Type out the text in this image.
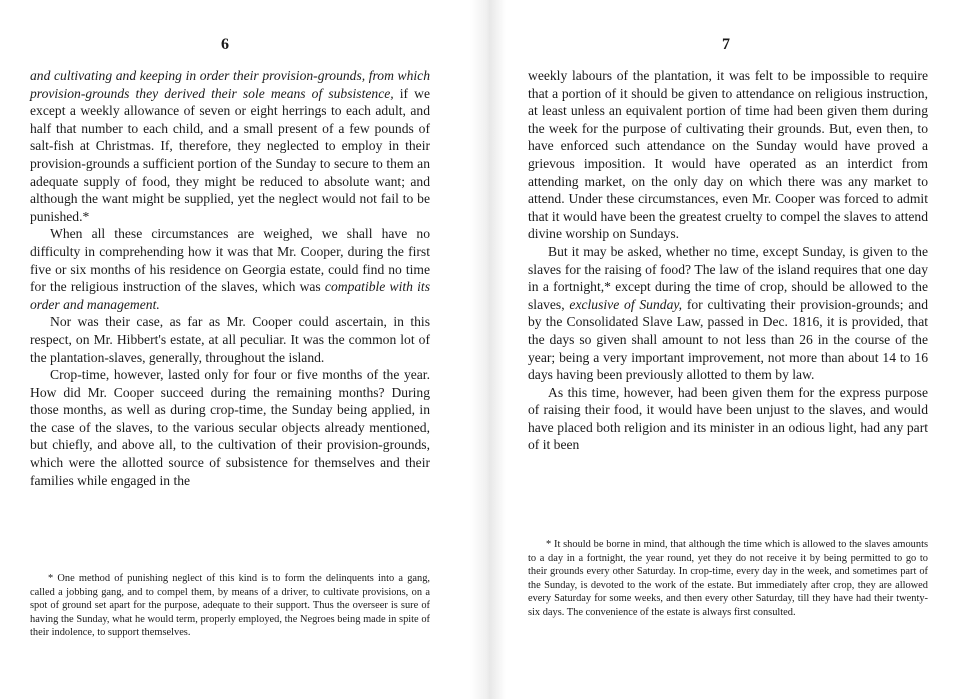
6

and cultivating and keeping in order their provision-grounds, from which provision-grounds they derived their sole means of subsistence, if we except a weekly allowance of seven or eight herrings to each adult, and half that number to each child, and a small present of a few pounds of salt-fish at Christmas. If, therefore, they neglected to employ in their provision-grounds a sufficient portion of the Sunday to secure to them an adequate supply of food, they might be reduced to absolute want; and although the want might be supplied, yet the neglect would not fail to be punished.*

When all these circumstances are weighed, we shall have no difficulty in comprehending how it was that Mr. Cooper, during the first five or six months of his residence on Georgia estate, could find no time for the religious instruction of the slaves, which was compatible with its order and management.

Nor was their case, as far as Mr. Cooper could ascertain, in this respect, on Mr. Hibbert's estate, at all peculiar. It was the common lot of the plantation-slaves, generally, throughout the island.

Crop-time, however, lasted only for four or five months of the year. How did Mr. Cooper succeed during the remaining months? During those months, as well as during crop-time, the Sunday being applied, in the case of the slaves, to the various secular objects already mentioned, but chiefly, and above all, to the cultivation of their provision-grounds, which were the allotted source of subsistence for themselves and their families while engaged in the

* One method of punishing neglect of this kind is to form the delinquents into a gang, called a jobbing gang, and to compel them, by means of a driver, to cultivate provisions, on a spot of ground set apart for the purpose, adequate to their support. Thus the overseer is sure of having the Sunday, what he would term, properly employed, the Negroes being made in spite of their indolence, to support themselves.

7

weekly labours of the plantation, it was felt to be impossible to require that a portion of it should be given to attendance on religious instruction, at least unless an equivalent portion of time had been given them during the week for the purpose of cultivating their grounds. But, even then, to have enforced such attendance on the Sunday would have proved a grievous imposition. It would have operated as an interdict from attending market, on the only day on which there was any market to attend. Under these circumstances, even Mr. Cooper was forced to admit that it would have been the greatest cruelty to compel the slaves to attend divine worship on Sundays.

But it may be asked, whether no time, except Sunday, is given to the slaves for the raising of food? The law of the island requires that one day in a fortnight,* except during the time of crop, should be allowed to the slaves, exclusive of Sunday, for cultivating their provision-grounds; and by the Consolidated Slave Law, passed in Dec. 1816, it is provided, that the days so given shall amount to not less than 26 in the course of the year; being a very important improvement, not more than about 14 to 16 days having been previously allotted to them by law.

As this time, however, had been given them for the express purpose of raising their food, it would have been unjust to the slaves, and would have placed both religion and its minister in an odious light, had any part of it been

* It should be borne in mind, that although the time which is allowed to the slaves amounts to a day in a fortnight, the year round, yet they do not receive it by being permitted to go to their grounds every other Saturday. In crop-time, every day in the week, and sometimes part of the Sunday, is devoted to the work of the estate. But immediately after crop, they are allowed every Saturday for some weeks, and then every other Saturday, till they have had their twenty-six days. The convenience of the estate is always first consulted.
